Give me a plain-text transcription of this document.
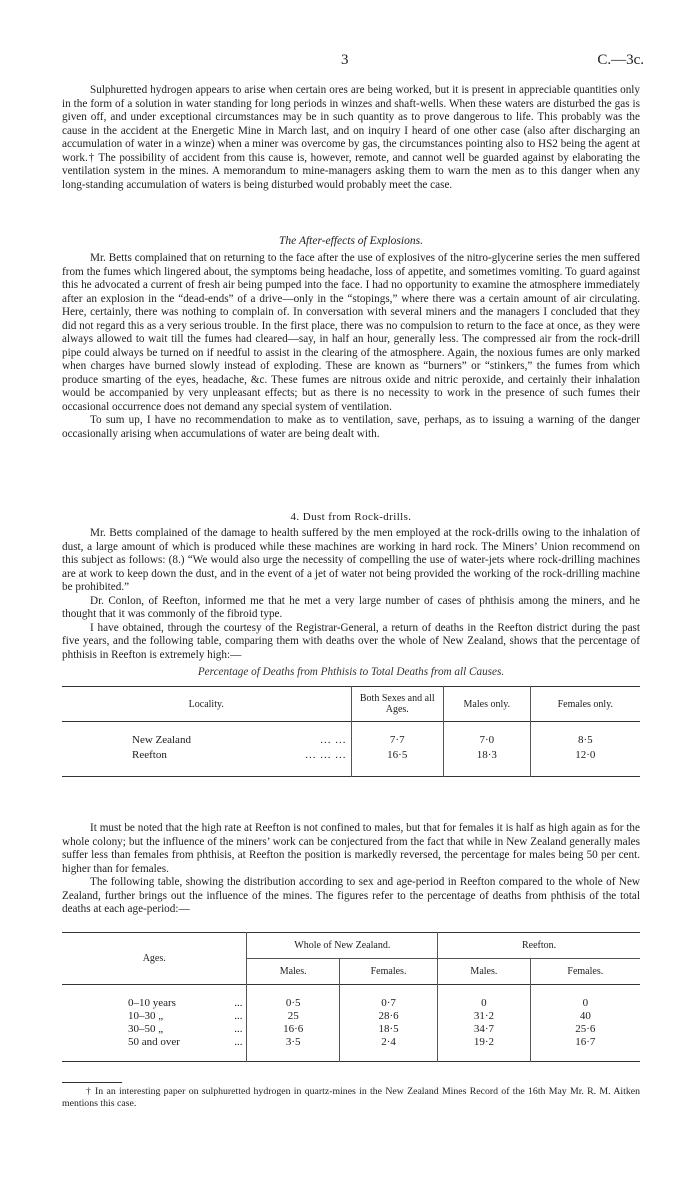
3	C.—3c.

Sulphuretted hydrogen appears to arise when certain ores are being worked, but it is present in appreciable quantities only in the form of a solution in water standing for long periods in winzes and shaft-wells. When these waters are disturbed the gas is given off, and under exceptional circumstances may be in such quantity as to prove dangerous to life. This probably was the cause in the accident at the Energetic Mine in March last, and on inquiry I heard of one other case (also after discharging an accumulation of water in a winze) when a miner was overcome by gas, the circumstances pointing also to HS2 being the agent at work.† The possibility of accident from this cause is, however, remote, and cannot well be guarded against by elaborating the ventilation system in the mines. A memorandum to mine-managers asking them to warn the men as to this danger when any long-standing accumulation of waters is being disturbed would probably meet the case.

The After-effects of Explosions.

Mr. Betts complained that on returning to the face after the use of explosives of the nitro-glycerine series the men suffered from the fumes which lingered about, the symptoms being headache, loss of appetite, and sometimes vomiting. To guard against this he advocated a current of fresh air being pumped into the face. I had no opportunity to examine the atmosphere immediately after an explosion in the “dead-ends” of a drive—only in the “stopings,” where there was a certain amount of air circulating. Here, certainly, there was nothing to complain of. In conversation with several miners and the managers I concluded that they did not regard this as a very serious trouble. In the first place, there was no compulsion to return to the face at once, as they were always allowed to wait till the fumes had cleared—say, in half an hour, generally less. The compressed air from the rock-drill pipe could always be turned on if needful to assist in the clearing of the atmosphere. Again, the noxious fumes are only marked when charges have burned slowly instead of exploding. These are known as “burners” or “stinkers,” the fumes from which produce smarting of the eyes, headache, &c. These fumes are nitrous oxide and nitric peroxide, and certainly their inhalation would be accompanied by very unpleasant effects; but as there is no necessity to work in the presence of such fumes their occasional occurrence does not demand any special system of ventilation.

To sum up, I have no recommendation to make as to ventilation, save, perhaps, as to issuing a warning of the danger occasionally arising when accumulations of water are being dealt with.

4. Dust from Rock-drills.

Mr. Betts complained of the damage to health suffered by the men employed at the rock-drills owing to the inhalation of dust, a large amount of which is produced while these machines are working in hard rock. The Miners’ Union recommend on this subject as follows: (8.) “We would also urge the necessity of compelling the use of water-jets where rock-drilling machines are at work to keep down the dust, and in the event of a jet of water not being provided the working of the rock-drilling machine be prohibited.”

Dr. Conlon, of Reefton, informed me that he met a very large number of cases of phthisis among the miners, and he thought that it was commonly of the fibroid type.

I have obtained, through the courtesy of the Registrar-General, a return of deaths in the Reefton district during the past five years, and the following table, comparing them with deaths over the whole of New Zealand, shows that the percentage of phthisis in Reefton is extremely high:—

Percentage of Deaths from Phthisis to Total Deaths from all Causes.
Locality.	Both Sexes and all Ages.	Males only.	Females only.
New Zealand ... ...	7·7	7·0	8·5
Reefton ... ... ...	16·5	18·3	12·0

It must be noted that the high rate at Reefton is not confined to males, but that for females it is half as high again as for the whole colony; but the influence of the miners’ work can be conjectured from the fact that while in New Zealand generally males suffer less than females from phthisis, at Reefton the position is markedly reversed, the percentage for males being 50 per cent. higher than for females.

The following table, showing the distribution according to sex and age-period in Reefton compared to the whole of New Zealand, further brings out the influence of the mines. The figures refer to the percentage of deaths from phthisis of the total deaths at each age-period:—

Ages.	Whole of New Zealand.		Reefton.	
	Males.	Females.	Males.	Females.
0–10 years ...	0·5	0·7	0	0
10–30 „ ...	25	28·6	31·2	40
30–50 „ ...	16·6	18·5	34·7	25·6
50 and over ...	3·5	2·4	19·2	16·7
† In an interesting paper on sulphuretted hydrogen in quartz-mines in the New Zealand Mines Record of the 16th May Mr. R. M. Aitken mentions this case.
